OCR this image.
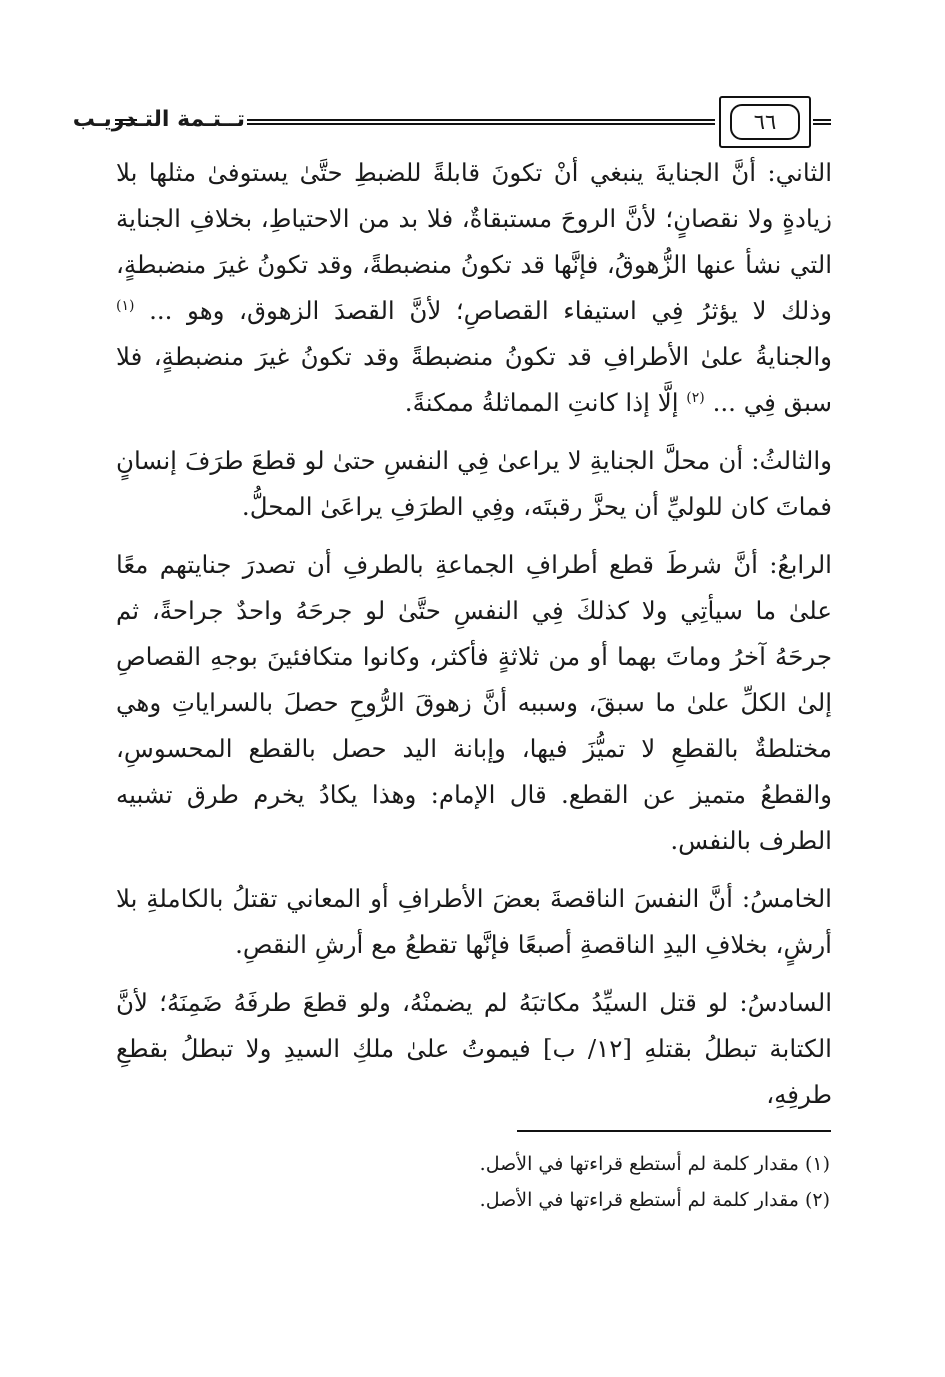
تــتـمة التـدريـب	٦٦

الثاني: أنَّ الجنايةَ ينبغي أنْ تكونَ قابلةً للضبطِ حتَّىٰ يستوفىٰ مثلها بلا زيادةٍ ولا نقصانٍ؛ لأنَّ الروحَ مستبقاةٌ، فلا بد من الاحتياطِ، بخلافِ الجناية التي نشأ عنها الزُّهوقُ، فإنَّها قد تكونُ منضبطةً، وقد تكونُ غيرَ منضبطةٍ، وذلك لا يؤثرُ فِي استيفاء القصاصِ؛ لأنَّ القصدَ الزهوق، وهو ... $^{(١)}$ والجنايةُ علىٰ الأطرافِ قد تكونُ منضبطةً وقد تكونُ غيرَ منضبطةٍ، فلا سبق فِي ... $^{(٢)}$ إلَّا إذا كانتِ المماثلةُ ممكنةً.

والثالثُ: أن محلَّ الجنايةِ لا يراعىٰ فِي النفسِ حتىٰ لو قطعَ طرَفَ إنسانٍ فماتَ كان للوليِّ أن يحزَّ رقبتَه، وفِي الطرَفِ يراعَىٰ المحلُّ.

الرابعُ: أنَّ شرطَ قطع أطرافِ الجماعةِ بالطرفِ أن تصدرَ جنايتهم معًا علىٰ ما سيأتِي ولا كذلكَ فِي النفسِ حتَّىٰ لو جرحَهُ واحدٌ جراحةً، ثم جرحَهُ آخرُ وماتَ بهما أو من ثلاثةٍ فأكثر، وكانوا متكافئينَ بوجهِ القصاصِ إلىٰ الكلِّ علىٰ ما سبقَ، وسببه أنَّ زهوقَ الرُّوحِ حصلَ بالسراياتِ وهي مختلطةٌ بالقطعِ لا تميُّزَ فيها، وإبانة اليد حصل بالقطع المحسوسِ، والقطعُ متميز عن القطع. قال الإمام: وهذا يكادُ يخرم طرق تشبيه الطرف بالنفس.

الخامسُ: أنَّ النفسَ الناقصةَ بعضَ الأطرافِ أو المعاني تقتلُ بالكاملةِ بلا أرشٍ، بخلافِ اليدِ الناقصةِ أصبعًا فإنَّها تقطعُ مع أرشِ النقصِ.

السادسُ: لو قتل السيِّدُ مكاتبَهُ لم يضمنْهُ، ولو قطعَ طرفَهُ ضَمِنَهُ؛ لأنَّ الكتابة تبطلُ بقتلهِ [١٢/ ب] فيموتُ علىٰ ملكِ السيدِ ولا تبطلُ بقطعِ طرفِهِ،

(١) مقدار كلمة لم أستطع قراءتها في الأصل.

(٢) مقدار كلمة لم أستطع قراءتها في الأصل.
